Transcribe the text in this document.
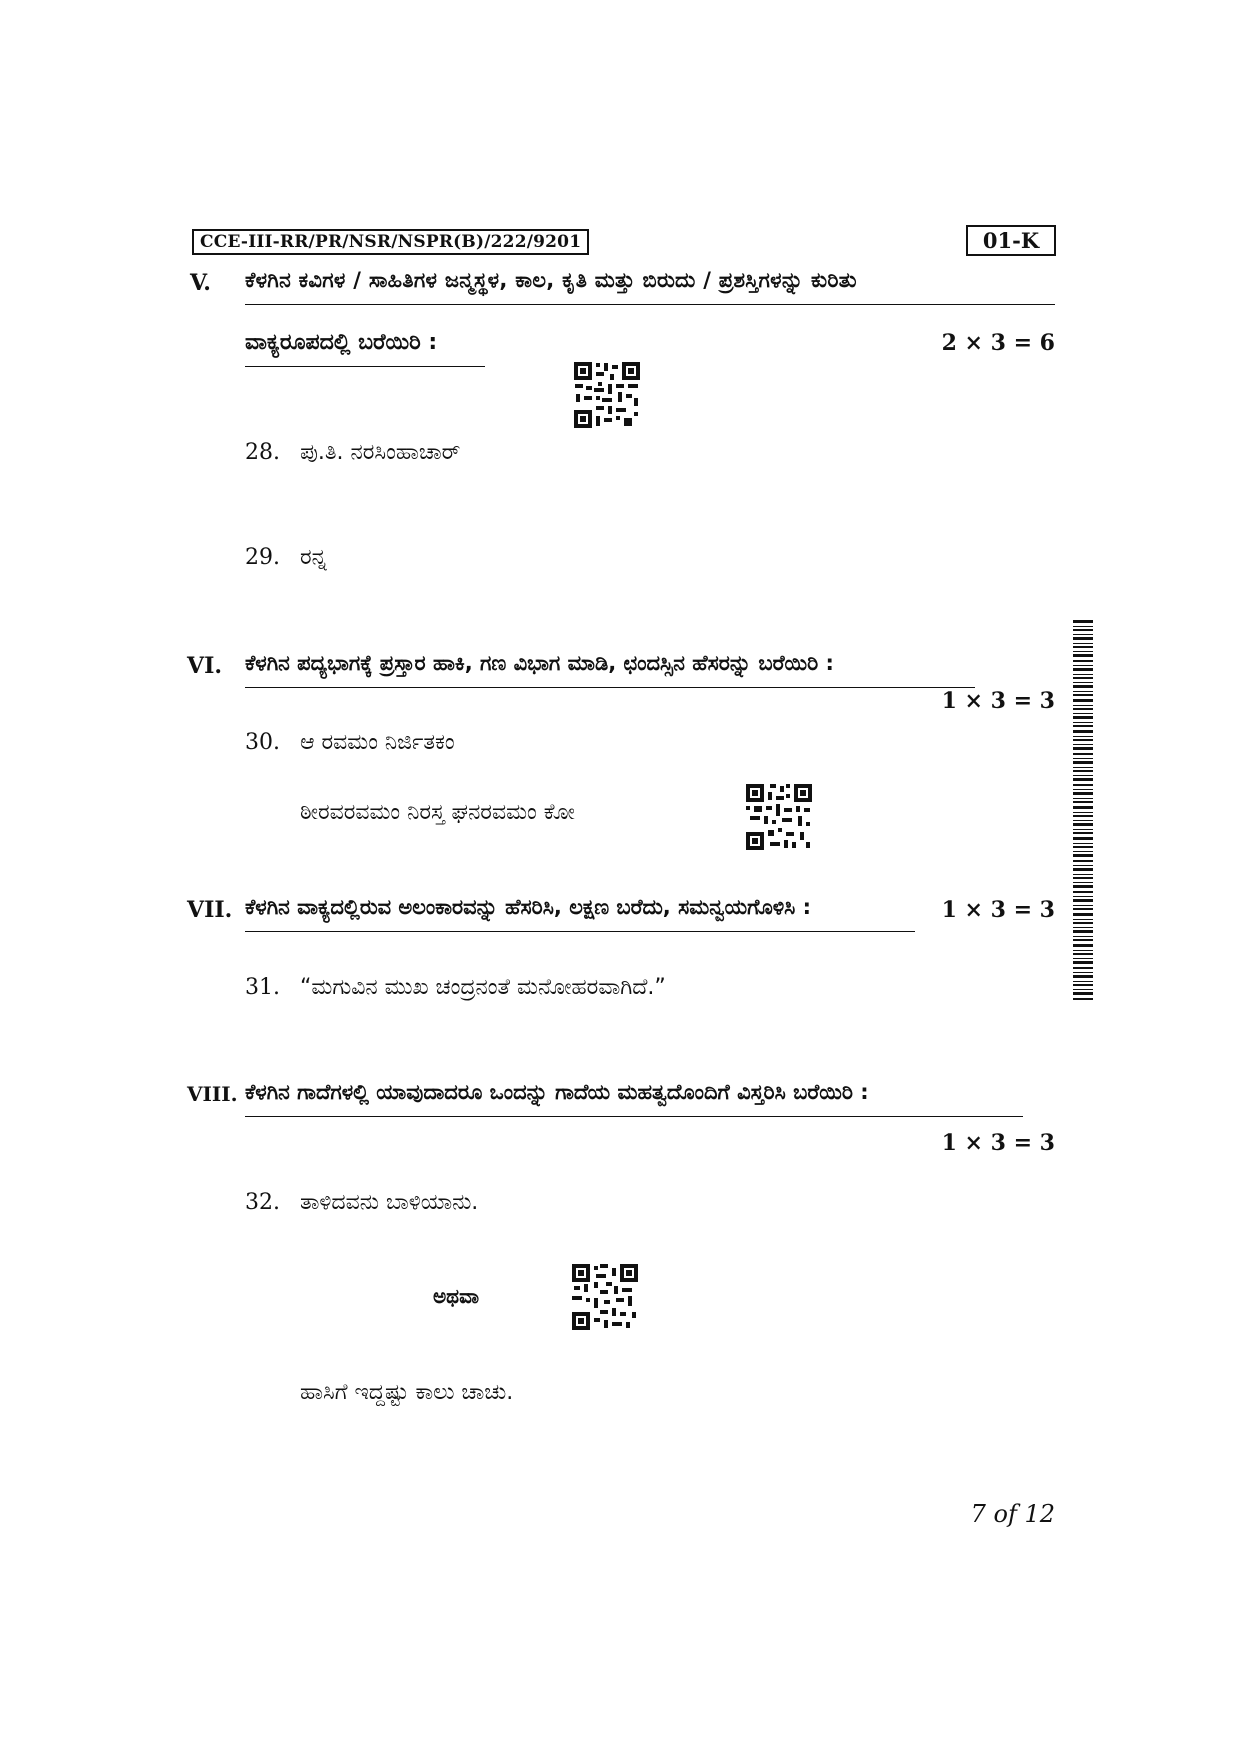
CCE-III-RR/PR/NSR/NSPR(B)/222/9201	01-K
V. ಕೆಳಗಿನ ಕವಿಗಳ / ಸಾಹಿತಿಗಳ ಜನ್ಮಸ್ಥಳ, ಕಾಲ, ಕೃತಿ ಮತ್ತು ಬಿರುದು / ಪ್ರಶಸ್ತಿಗಳನ್ನು ಕುರಿತು
ವಾಕ್ಯರೂಪದಲ್ಲಿ ಬರೆಯಿರಿ :	2 × 3 = 6
28. ಪು.ತಿ. ನರಸಿಂಹಾಚಾರ್
29. ರನ್ನ
VI. ಕೆಳಗಿನ ಪದ್ಯಭಾಗಕ್ಕೆ ಪ್ರಸ್ತಾರ ಹಾಕಿ, ಗಣ ವಿಭಾಗ ಮಾಡಿ, ಛಂದಸ್ಸಿನ ಹೆಸರನ್ನು ಬರೆಯಿರಿ :
1 × 3 = 3
30. ಆ ರವಮಂ ನಿರ್ಜಿತಕಂ
ಠೀರವರವಮಂ ನಿರಸ್ತ ಘನರವಮಂ ಕೋ
VII. ಕೆಳಗಿನ ವಾಕ್ಯದಲ್ಲಿರುವ ಅಲಂಕಾರವನ್ನು ಹೆಸರಿಸಿ, ಲಕ್ಷಣ ಬರೆದು, ಸಮನ್ವಯಗೊಳಿಸಿ :	1 × 3 = 3
31. “ಮಗುವಿನ ಮುಖ ಚಂದ್ರನಂತೆ ಮನೋಹರವಾಗಿದೆ.”
VIII. ಕೆಳಗಿನ ಗಾದೆಗಳಲ್ಲಿ ಯಾವುದಾದರೂ ಒಂದನ್ನು ಗಾದೆಯ ಮಹತ್ವದೊಂದಿಗೆ ವಿಸ್ತರಿಸಿ ಬರೆಯಿರಿ :
1 × 3 = 3
32. ತಾಳಿದವನು ಬಾಳಿಯಾನು.
ಅಥವಾ
ಹಾಸಿಗೆ ಇದ್ದಷ್ಟು ಕಾಲು ಚಾಚು.
7 of 12
